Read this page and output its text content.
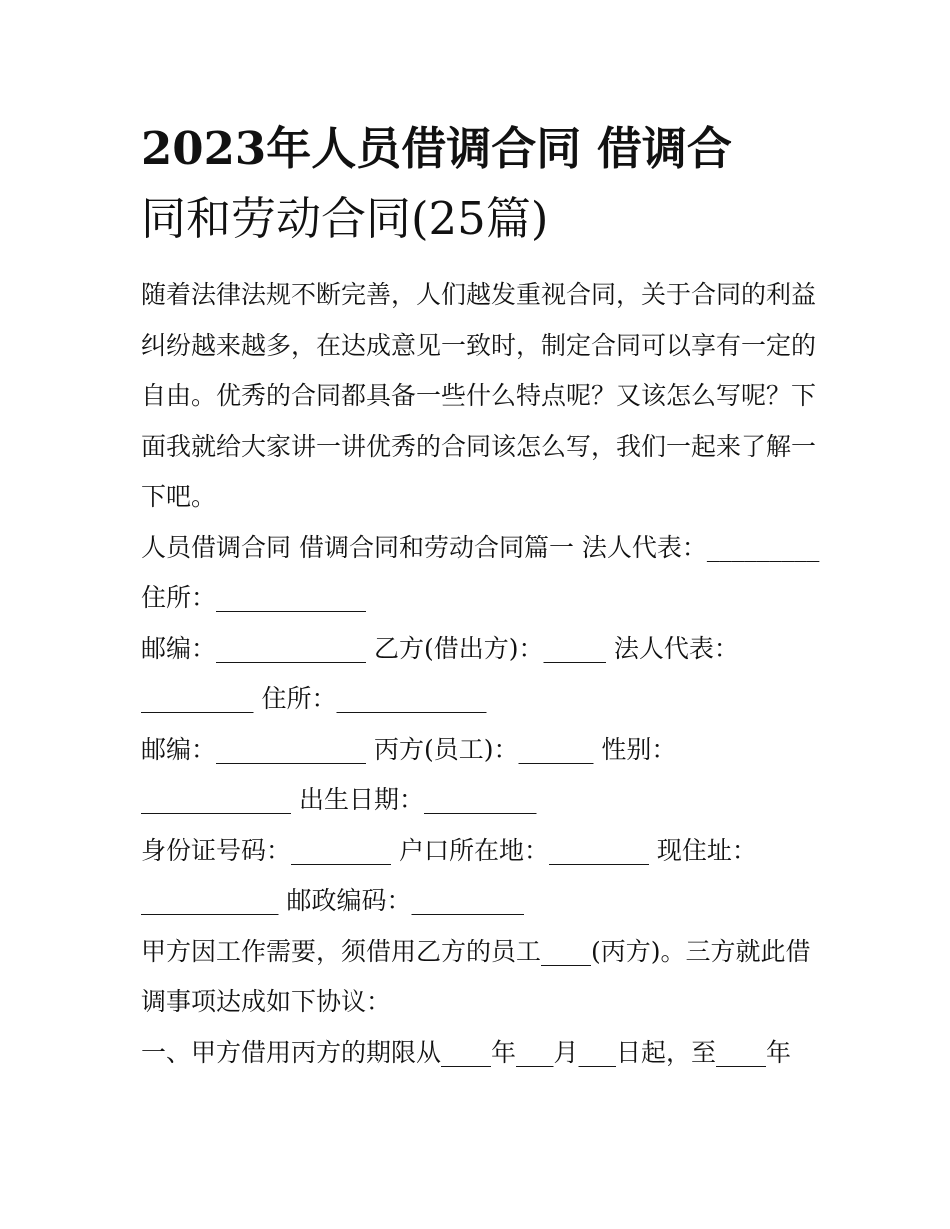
2023年人员借调合同 借调合
同和劳动合同(25篇)

随着法律法规不断完善，人们越发重视合同，关于合同的利益纠纷越来越多，在达成意见一致时，制定合同可以享有一定的自由。优秀的合同都具备一些什么特点呢？又该怎么写呢？下面我就给大家讲一讲优秀的合同该怎么写，我们一起来了解一下吧。

人员借调合同 借调合同和劳动合同篇一 法人代表：_________ 住所：____________

邮编：____________ 乙方(借出方)：_____ 法人代表：_________ 住所：____________

邮编：____________ 丙方(员工)：______ 性别：____________ 出生日期：_________

身份证号码：________ 户口所在地：________ 现住址：___________ 邮政编码：_________

甲方因工作需要，须借用乙方的员工____(丙方)。三方就此借调事项达成如下协议：

一、甲方借用丙方的期限从____年___月___日起，至____年
